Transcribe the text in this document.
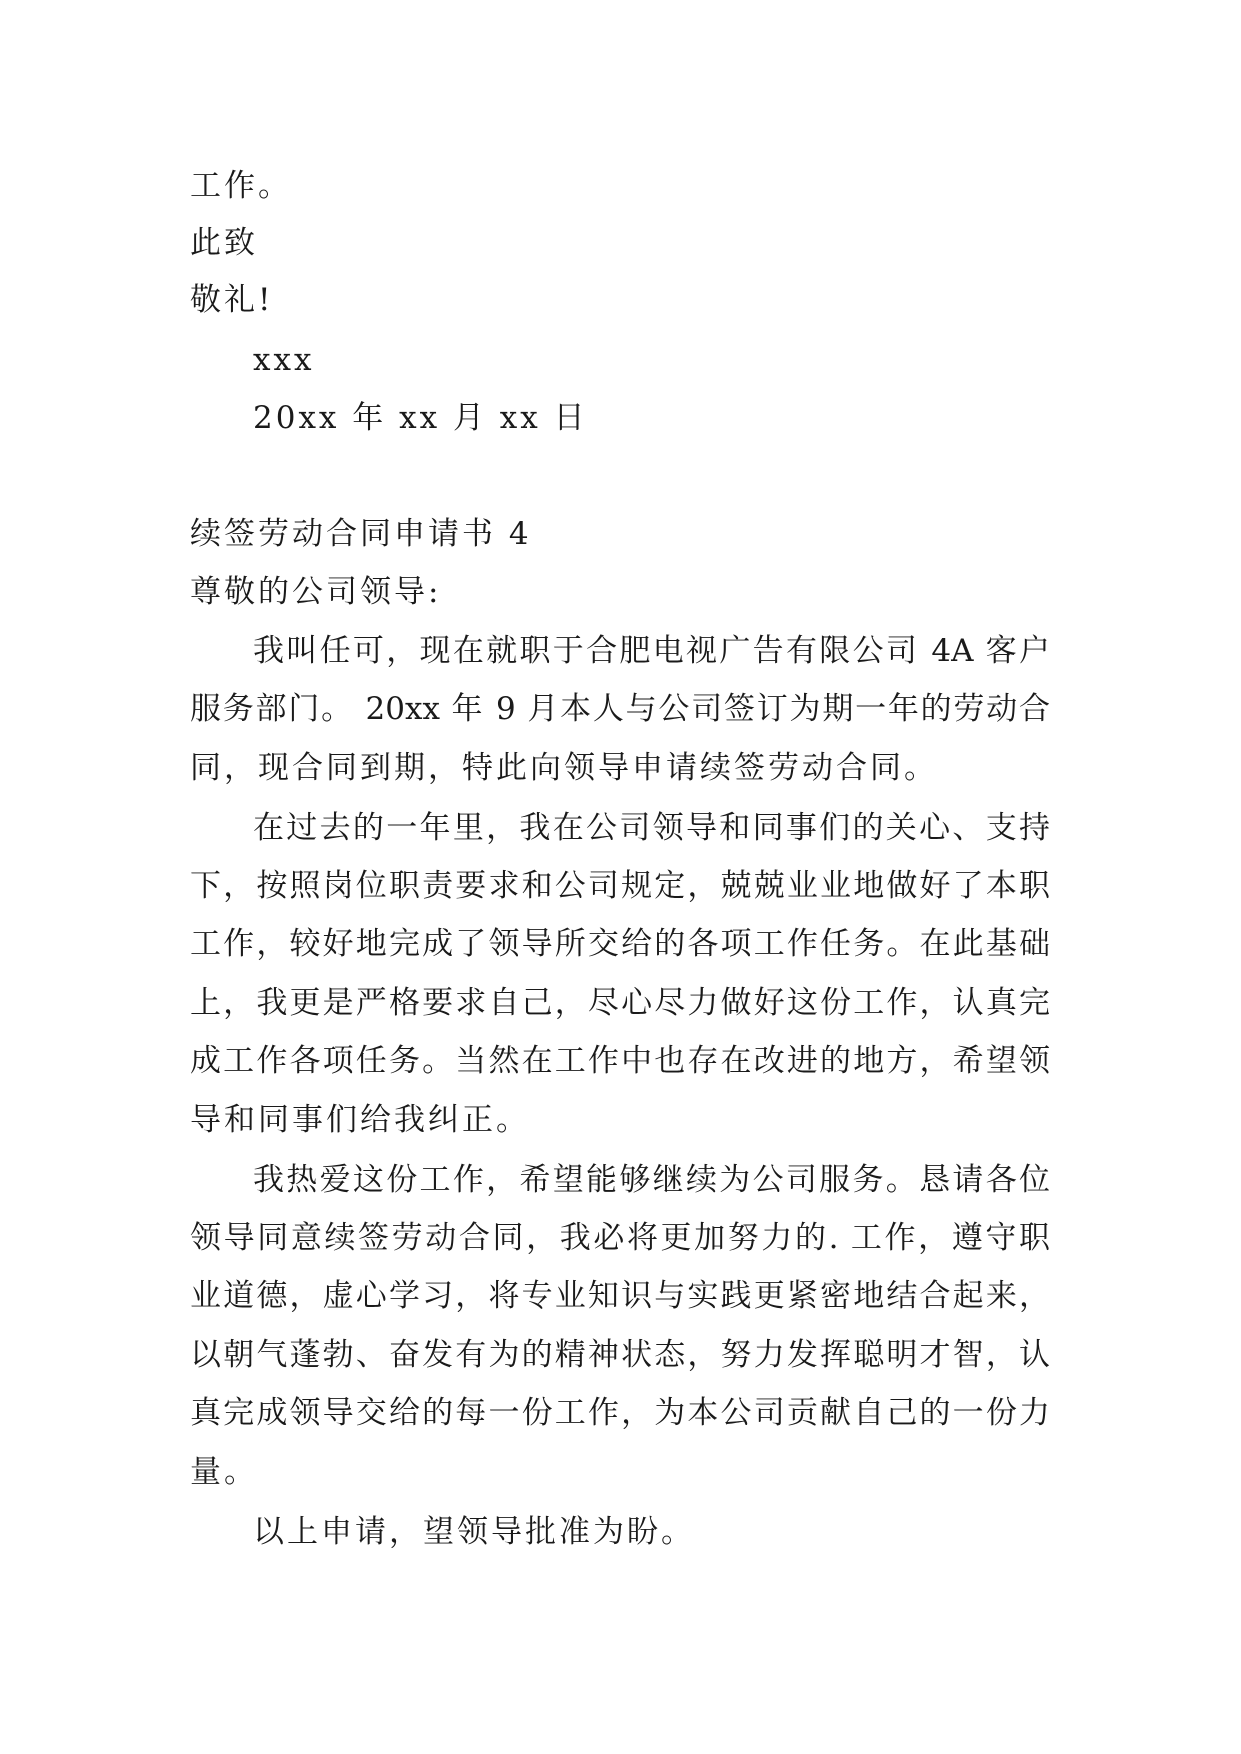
工作。
此致
敬礼!
xxx
20xx 年 xx 月 xx 日
续签劳动合同申请书 4
尊敬的公司领导:
我叫任可，现在就职于合肥电视广告有限公司 4A 客户
服务部门。 20xx 年 9 月本人与公司签订为期一年的劳动合
同，现合同到期，特此向领导申请续签劳动合同。
在过去的一年里，我在公司领导和同事们的关心、支持
下，按照岗位职责要求和公司规定，兢兢业业地做好了本职
工作，较好地完成了领导所交给的各项工作任务。在此基础
上，我更是严格要求自己，尽心尽力做好这份工作，认真完
成工作各项任务。当然在工作中也存在改进的地方，希望领
导和同事们给我纠正。
我热爱这份工作，希望能够继续为公司服务。恳请各位
领导同意续签劳动合同，我必将更加努力的. 工作，遵守职
业道德，虚心学习，将专业知识与实践更紧密地结合起来，
以朝气蓬勃、奋发有为的精神状态，努力发挥聪明才智，认
真完成领导交给的每一份工作，为本公司贡献自己的一份力
量。
以上申请，望领导批准为盼。
